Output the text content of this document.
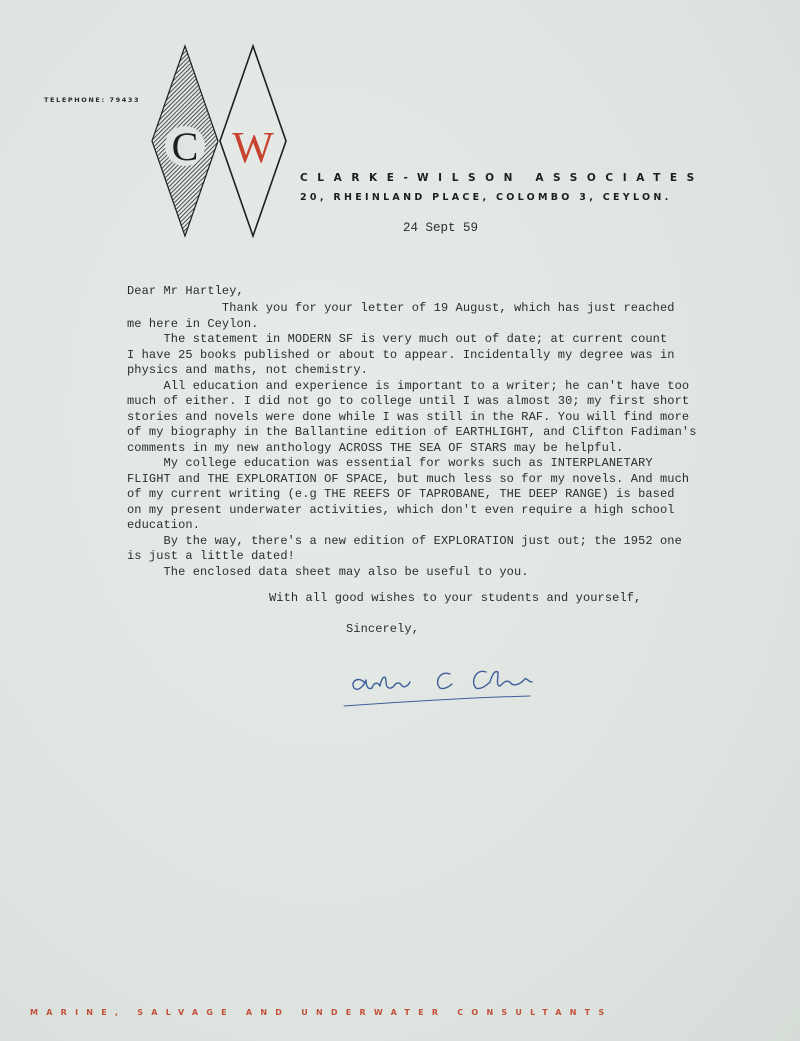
TELEPHONE: 79433
C W
CLARKE-WILSON ASSOCIATES
20, RHEINLAND PLACE, COLOMBO 3, CEYLON.
24 Sept 59
Dear Mr Hartley,
Thank you for your letter of 19 August, which has just reached
me here in Ceylon.
The statement in MODERN SF is very much out of date; at current count
I have 25 books published or about to appear. Incidentally my degree was in
physics and maths, not chemistry.
All education and experience is important to a writer; he can't have too
much of either. I did not go to college until I was almost 30; my first short
stories and novels were done while I was still in the RAF. You will find more
of my biography in the Ballantine edition of EARTHLIGHT, and Clifton Fadiman's
comments in my new anthology ACROSS THE SEA OF STARS may be helpful.
My college education was essential for works such as INTERPLANETARY
FLIGHT and THE EXPLORATION OF SPACE, but much less so for my novels. And much
of my current writing (e.g THE REEFS OF TAPROBANE, THE DEEP RANGE) is based
on my present underwater activities, which don't even require a high school
education.
By the way, there's a new edition of EXPLORATION just out; the 1952 one
is just a little dated!
The enclosed data sheet may also be useful to you.
With all good wishes to your students and yourself,
Sincerely,
Arthur C Clarke
MARINE, SALVAGE AND UNDERWATER CONSULTANTS
